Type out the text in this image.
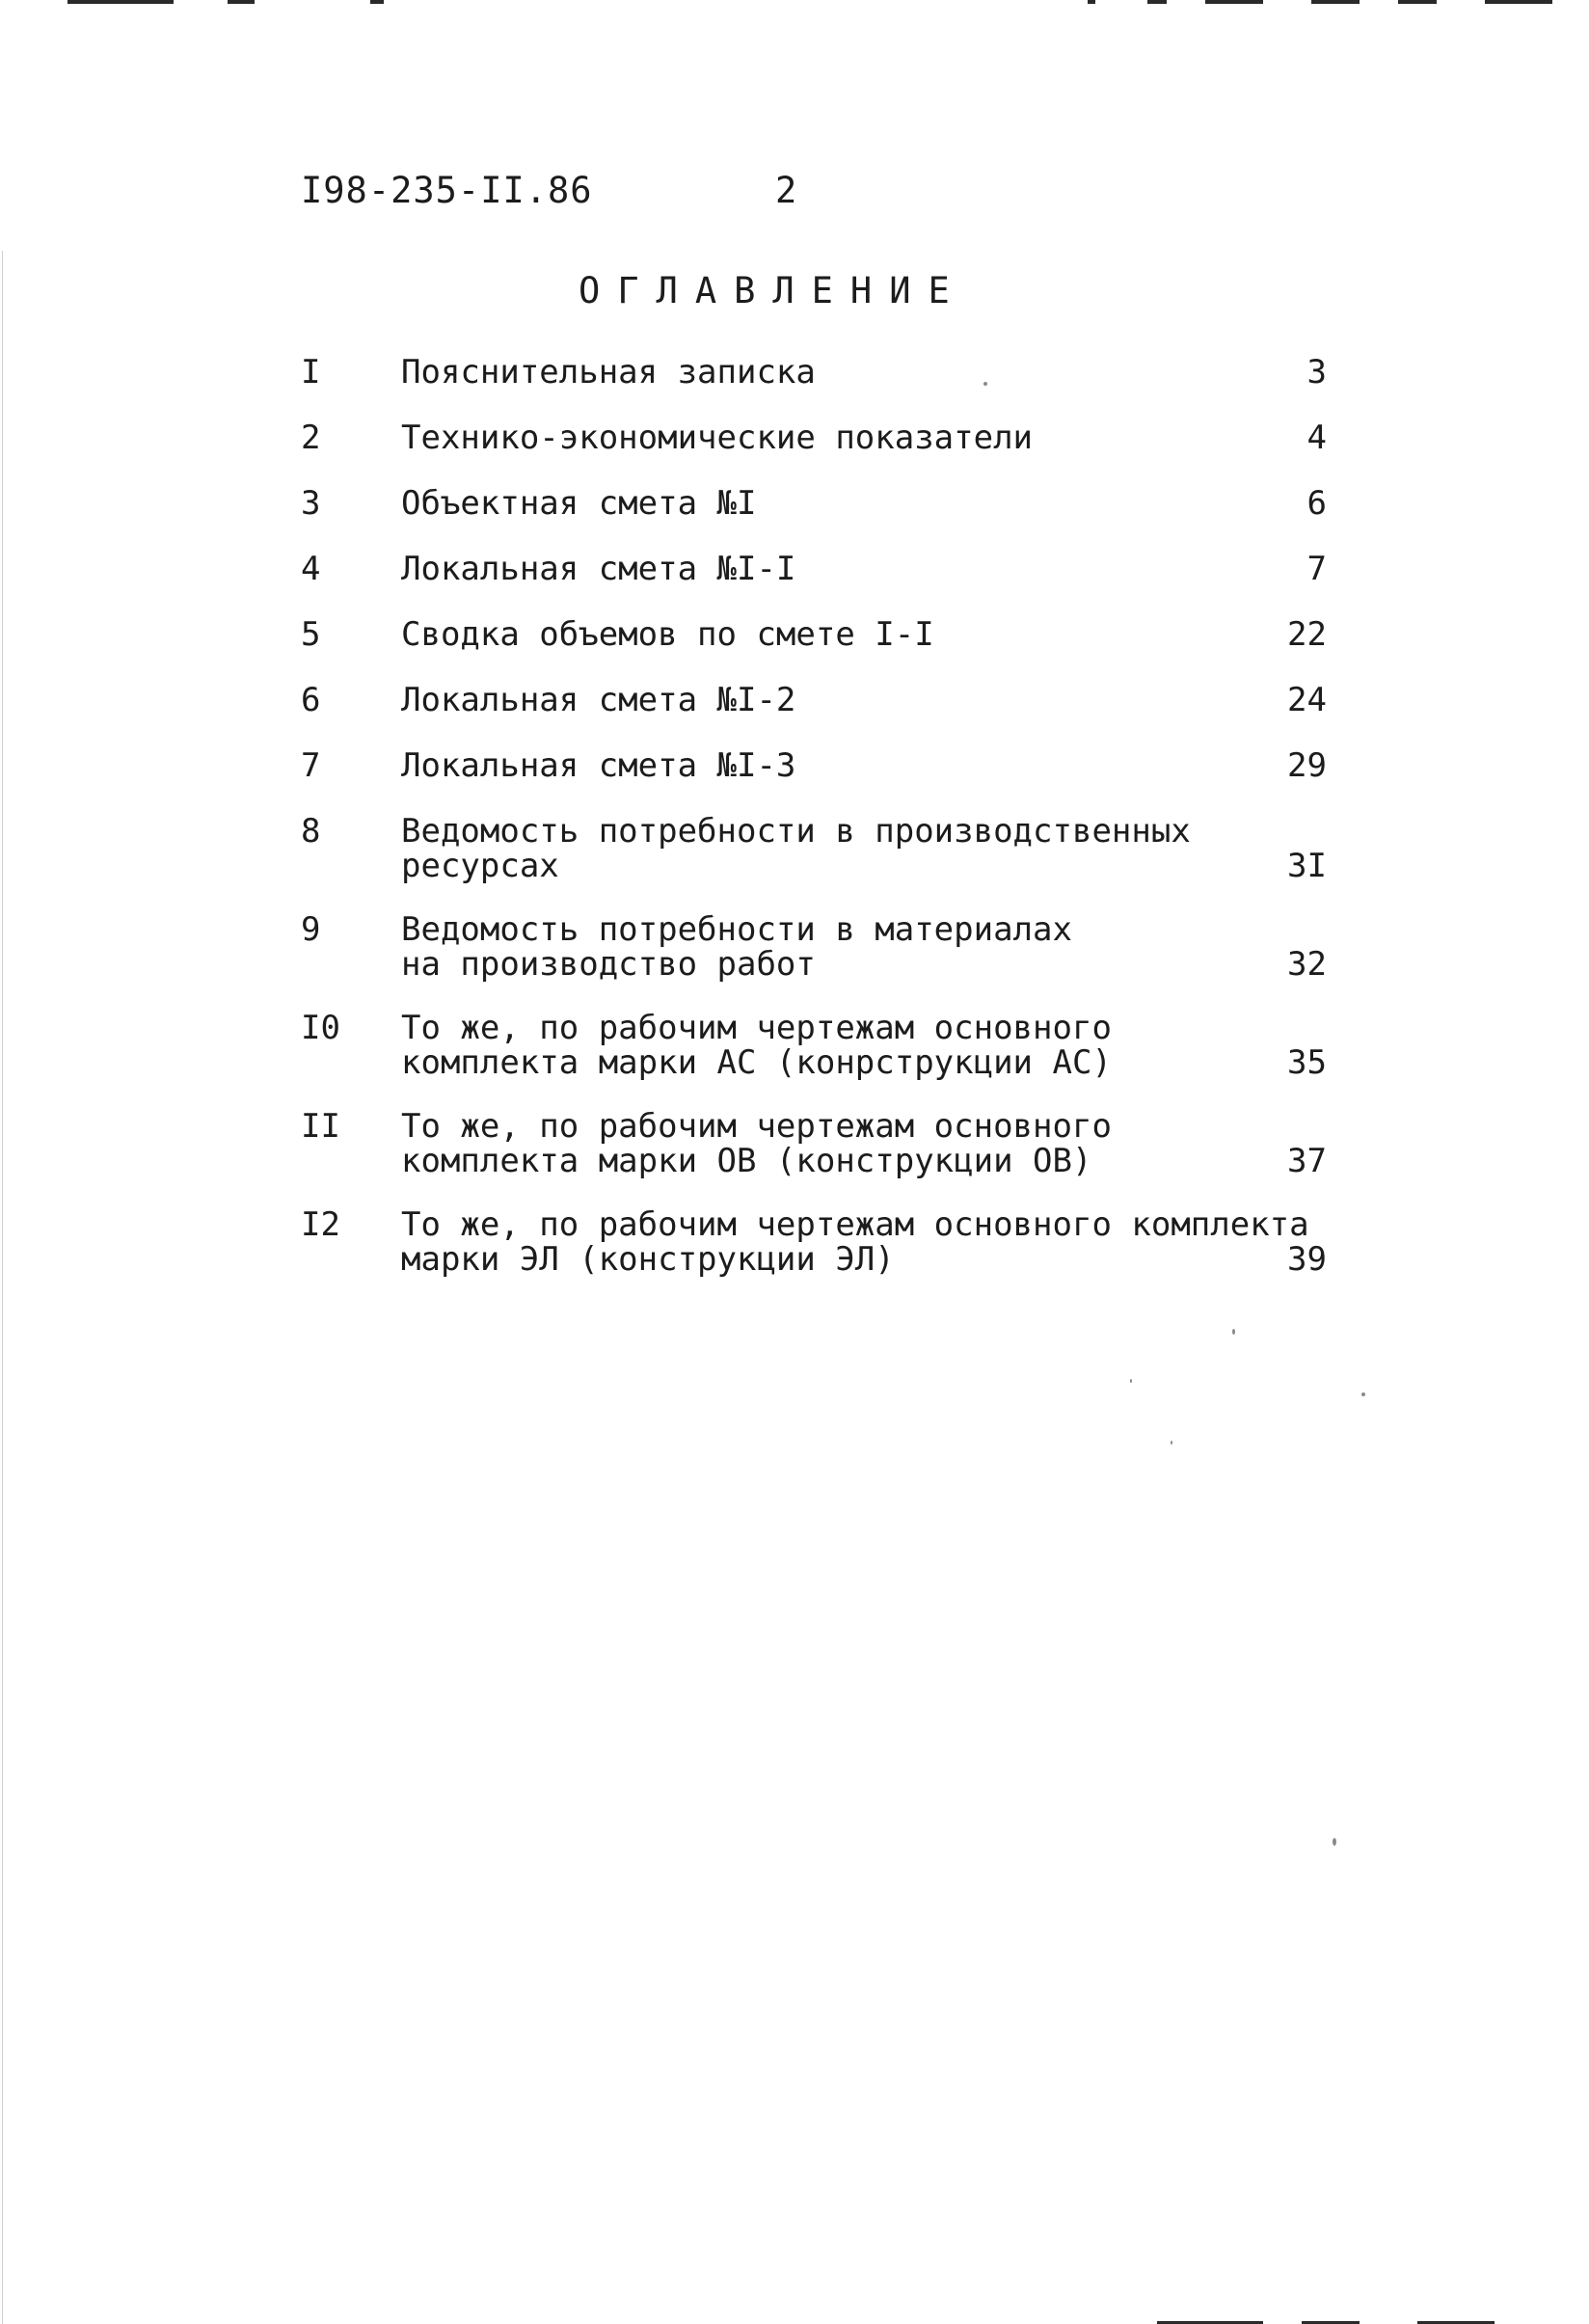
I98-235-II.86	2
ОГЛАВЛЕНИЕ
I	Пояснительная записка	3
2	Технико-экономические показатели	4
3	Объектная смета №I	6
4	Локальная смета №I-I	7
5	Сводка объемов по смете I-I	22
6	Локальная смета №I-2	24
7	Локальная смета №I-3	29
8	Ведомость потребности в производственных
ресурсах	3I
9	Ведомость потребности в материалах
на производство работ	32
I0	То же, по рабочим чертежам основного
комплекта марки АС (конрструкции АС)	35
II	То же, по рабочим чертежам основного
комплекта марки ОВ (конструкции ОВ)	37
I2	То же, по рабочим чертежам основного комплекта
марки ЭЛ (конструкции ЭЛ)	39
